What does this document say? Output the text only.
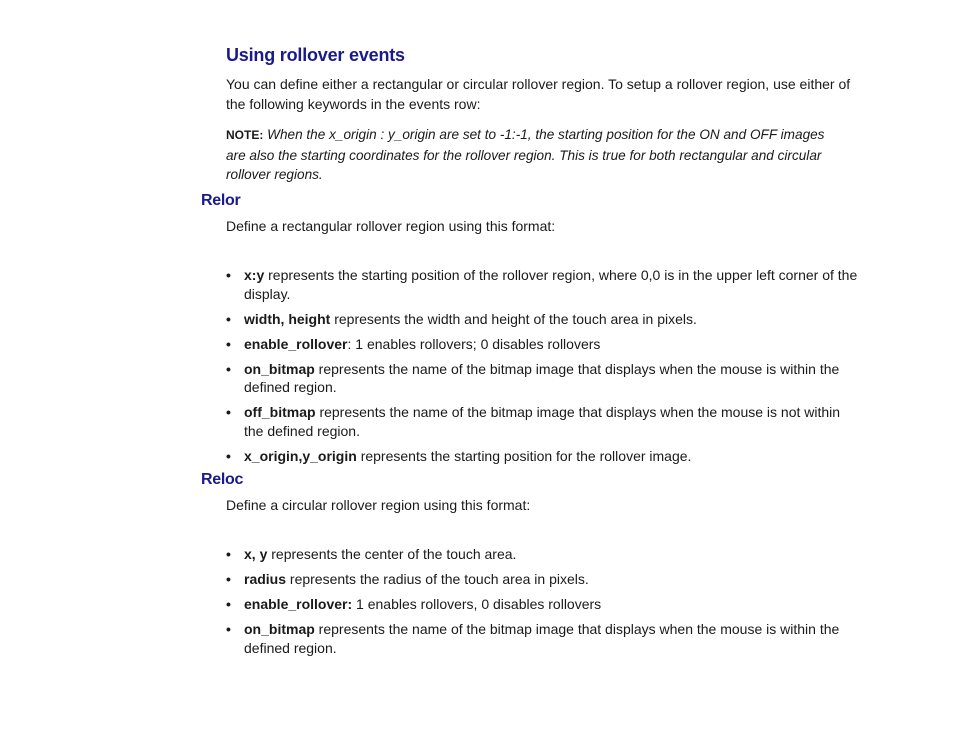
Using rollover events

You can define either a rectangular or circular rollover region. To setup a rollover region, use either of the following keywords in the events row:

NOTE: When the x_origin : y_origin are set to -1:-1, the starting position for the ON and OFF images are also the starting coordinates for the rollover region. This is true for both rectangular and circular rollover regions.

Relor

Define a rectangular rollover region using this format:

• x:y represents the starting position of the rollover region, where 0,0 is in the upper left corner of the display.
• width, height represents the width and height of the touch area in pixels.
• enable_rollover: 1 enables rollovers; 0 disables rollovers
• on_bitmap represents the name of the bitmap image that displays when the mouse is within the defined region.
• off_bitmap represents the name of the bitmap image that displays when the mouse is not within the defined region.
• x_origin,y_origin represents the starting position for the rollover image.
Reloc

Define a circular rollover region using this format:

• x, y represents the center of the touch area.
• radius represents the radius of the touch area in pixels.
• enable_rollover: 1 enables rollovers, 0 disables rollovers
• on_bitmap represents the name of the bitmap image that displays when the mouse is within the defined region.
